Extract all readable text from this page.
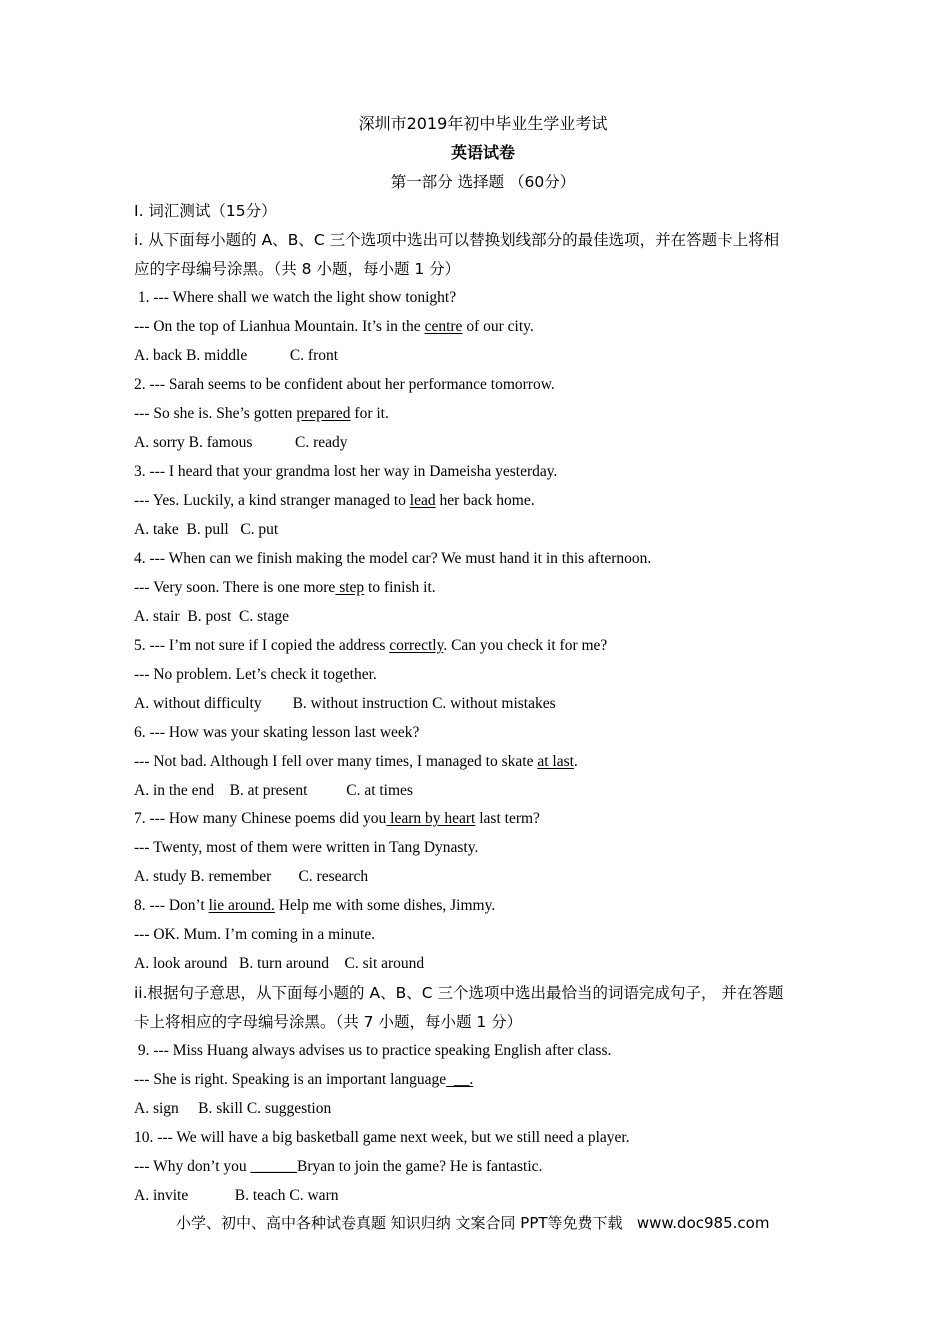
深圳市2019年初中毕业生学业考试
英语试卷
第一部分 选择题 （60分）
I. 词汇测试（15分）
i. 从下面每小题的 A、B、C 三个选项中选出可以替换划线部分的最佳选项，并在答题卡上将相
应的字母编号涂黑。（共 8 小题，每小题 1 分）
1. --- Where shall we watch the light show tonight?
--- On the top of Lianhua Mountain. It’s in the centre of our city.
A. back B. middle           C. front
2. --- Sarah seems to be confident about her performance tomorrow.
--- So she is. She’s gotten prepared for it.
A. sorry B. famous           C. ready
3. --- I heard that your grandma lost her way in Dameisha yesterday.
--- Yes. Luckily, a kind stranger managed to lead her back home.
A. take  B. pull   C. put
4. --- When can we finish making the model car? We must hand it in this afternoon.
--- Very soon. There is one more step to finish it.
A. stair  B. post  C. stage
5. --- I’m not sure if I copied the address correctly. Can you check it for me?
--- No problem. Let’s check it together.
A. without difficulty        B. without instruction C. without mistakes
6. --- How was your skating lesson last week?
--- Not bad. Although I fell over many times, I managed to skate at last.
A. in the end    B. at present          C. at times
7. --- How many Chinese poems did you learn by heart last term?
--- Twenty, most of them were written in Tang Dynasty.
A. study B. remember       C. research
8. --- Don’t lie around. Help me with some dishes, Jimmy.
--- OK. Mum. I’m coming in a minute.
A. look around   B. turn around    C. sit around
ii.根据句子意思，从下面每小题的 A、B、C 三个选项中选出最恰当的词语完成句子， 并在答题
卡上将相应的字母编号涂黑。（共 7 小题，每小题 1 分）
9. --- Miss Huang always advises us to practice speaking English after class.
--- She is right. Speaking is an important language  __.
A. sign     B. skill C. suggestion
10. --- We will have a big basketball game next week, but we still need a player.
--- Why don’t you ______Bryan to join the game? He is fantastic.
A. invite            B. teach C. warn
小学、初中、高中各种试卷真题 知识归纳 文案合同 PPT等免费下载   www.doc985.com
